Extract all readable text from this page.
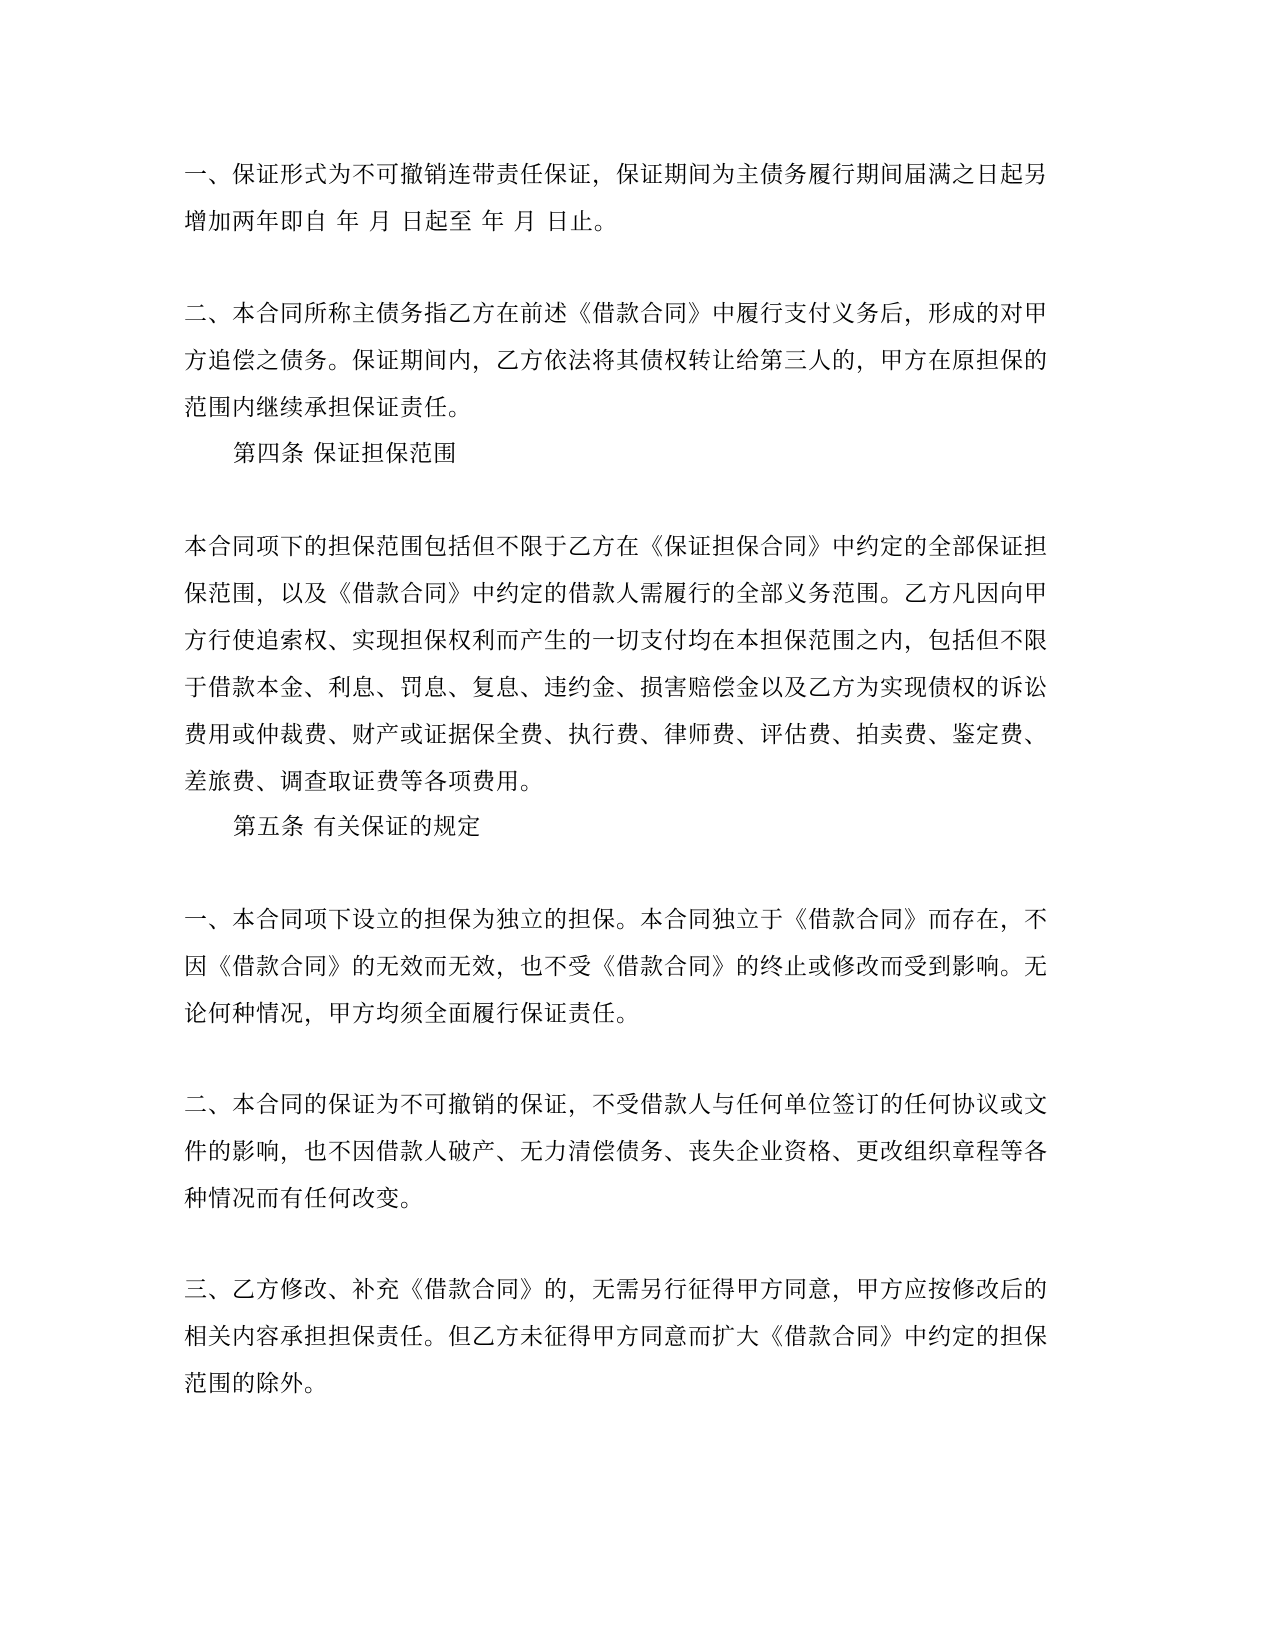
一、保证形式为不可撤销连带责任保证，保证期间为主债务履行期间届满之日起另
增加两年即自 年 月 日起至 年 月 日止。

二、本合同所称主债务指乙方在前述《借款合同》中履行支付义务后，形成的对甲
方追偿之债务。保证期间内，乙方依法将其债权转让给第三人的，甲方在原担保的
范围内继续承担保证责任。

第四条 保证担保范围

本合同项下的担保范围包括但不限于乙方在《保证担保合同》中约定的全部保证担
保范围，以及《借款合同》中约定的借款人需履行的全部义务范围。乙方凡因向甲
方行使追索权、实现担保权利而产生的一切支付均在本担保范围之内，包括但不限
于借款本金、利息、罚息、复息、违约金、损害赔偿金以及乙方为实现债权的诉讼
费用或仲裁费、财产或证据保全费、执行费、律师费、评估费、拍卖费、鉴定费、
差旅费、调查取证费等各项费用。

第五条 有关保证的规定

一、本合同项下设立的担保为独立的担保。本合同独立于《借款合同》而存在，不
因《借款合同》的无效而无效，也不受《借款合同》的终止或修改而受到影响。无
论何种情况，甲方均须全面履行保证责任。

二、本合同的保证为不可撤销的保证，不受借款人与任何单位签订的任何协议或文
件的影响，也不因借款人破产、无力清偿债务、丧失企业资格、更改组织章程等各
种情况而有任何改变。

三、乙方修改、补充《借款合同》的，无需另行征得甲方同意，甲方应按修改后的
相关内容承担担保责任。但乙方未征得甲方同意而扩大《借款合同》中约定的担保
范围的除外。
